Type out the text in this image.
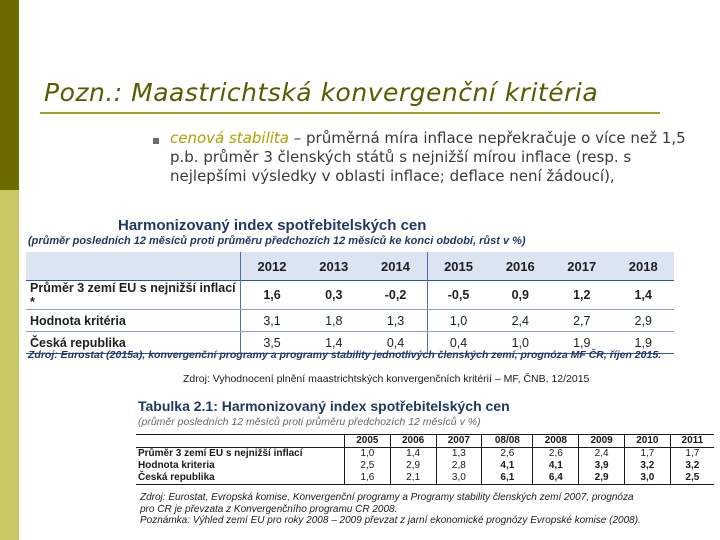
Pozn.: Maastrichtská konvergenční kritéria
cenová stabilita – průměrná míra inflace nepřekračuje o více než 1,5 p.b. průměr 3 členských států s nejnižší mírou inflace (resp. s nejlepšími výsledky v oblasti inflace; deflace není žádoucí),
Harmonizovaný index spotřebitelských cen
(průměr posledních 12 měsíců proti průměru předchozích 12 měsíců ke konci období, růst v %)
	2012	2013	2014	2015	2016	2017	2018
Průměr 3 zemí EU s nejnižší inflací *	1,6	0,3	-0,2	-0,5	0,9	1,2	1,4
Hodnota kritéria	3,1	1,8	1,3	1,0	2,4	2,7	2,9
Česká republika	3,5	1,4	0,4	0,4	1,0	1,9	1,9
Zdroj: Eurostat (2015a), konvergenční programy a programy stability jednotlivých členských zemí, prognóza MF ČR, říjen 2015.
Zdroj: Vyhodnocení plnění maastrichtských konvergenčních kritérií – MF, ČNB, 12/2015
Tabulka 2.1: Harmonizovaný index spotřebitelských cen
(průměr posledních 12 měsíců proti průměru předchozích 12 měsíců v %)
	2005	2006	2007	08/08	2008	2009	2010	2011
Průměr 3 zemí EU s nejnižší inflací	1,0	1,4	1,3	2,6	2,6	2,4	1,7	1,7
Hodnota kriteria	2,5	2,9	2,8	4,1	4,1	3,9	3,2	3,2
Česká republika	1,6	2,1	3,0	6,1	6,4	2,9	3,0	2,5
Zdroj: Eurostat, Evropská komise, Konvergenční programy a Programy stability členských zemí 2007, prognóza
pro ČR je převzata z Konvergenčního programu ČR 2008.
Poznámka: Výhled zemí EU pro roky 2008 – 2009 převzat z jarní ekonomické prognózy Evropské komise (2008).
